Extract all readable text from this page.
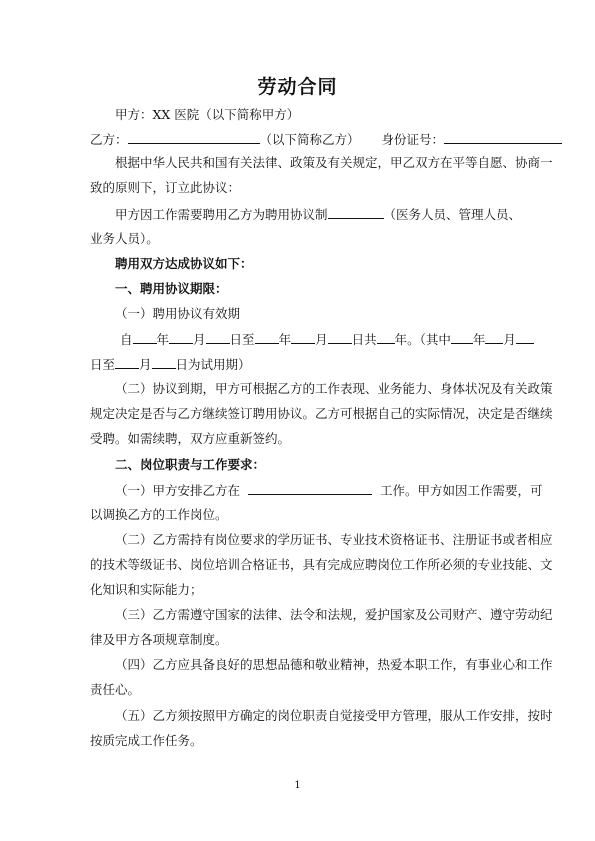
劳动合同
甲方：XX 医院（以下简称甲方）
乙方：	（以下简称乙方） 身份证号：
根据中华人民共和国有关法律、政策及有关规定，甲乙双方在平等自愿、协商一
致的原则下，订立此协议：
甲方因工作需要聘用乙方为聘用协议制	（医务人员、管理人员、
业务人员）。
聘用双方达成协议如下：
一、聘用协议期限：
（一）聘用协议有效期
自 年 月 日至 年 月 日共 年。（其中 年 月
日至 月 日为试用期）
（二）协议到期，甲方可根据乙方的工作表现、业务能力、身体状况及有关政策
规定决定是否与乙方继续签订聘用协议。乙方可根据自己的实际情况，决定是否继续
受聘。如需续聘，双方应重新签约。
二、岗位职责与工作要求：
（一）甲方安排乙方在	工作。甲方如因工作需要，可
以调换乙方的工作岗位。
（二）乙方需持有岗位要求的学历证书、专业技术资格证书、注册证书或者相应
的技术等级证书、岗位培训合格证书，具有完成应聘岗位工作所必须的专业技能、文
化知识和实际能力；
（三）乙方需遵守国家的法律、法令和法规，爱护国家及公司财产、遵守劳动纪
律及甲方各项规章制度。
（四）乙方应具备良好的思想品德和敬业精神，热爱本职工作，有事业心和工作
责任心。
（五）乙方须按照甲方确定的岗位职责自觉接受甲方管理，服从工作安排，按时
按质完成工作任务。
1
